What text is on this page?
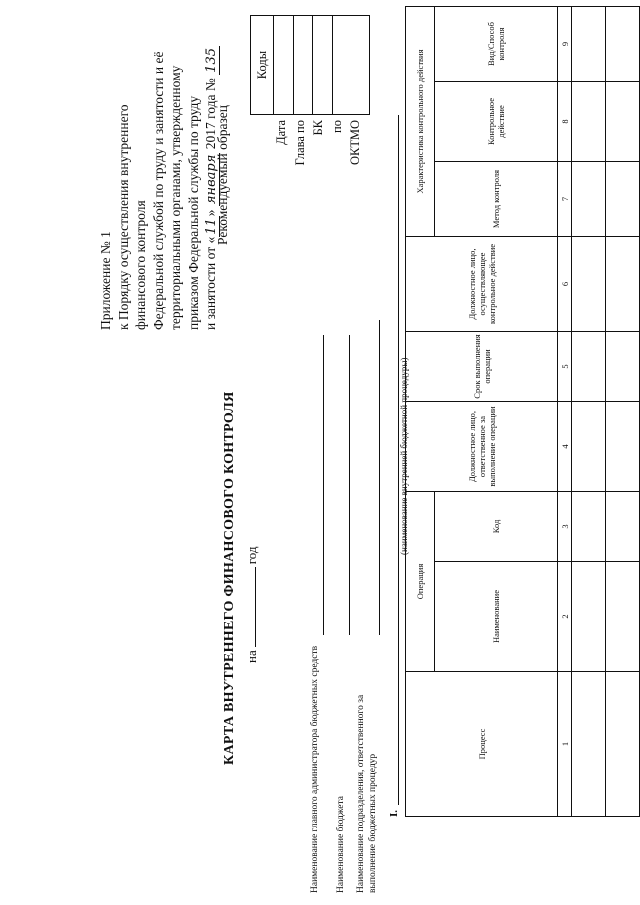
Приложение № 1 к Порядку осуществления внутреннего финансового контроля Федеральной службой по труду и занятости и её территориальными органами, утвержденному приказом Федеральной службы по труду и занятости от «11» января 2017 года № 135
Рекомендуемый образец
КАРТА ВНУТРЕННЕГО ФИНАНСОВОГО КОНТРОЛЯ нагод
Коды
Дата Глава по БК по ОКТМО
Наименование главного администратора бюджетных средств Наименование бюджета Наименование подразделения, ответственного за выполнение бюджетных процедур I.
(наименование внутренней бюджетной процедуры)
Процесс	Операция		Должностное лицо, ответственное за выполнение операции	Срок выполнения операции	Должностное лицо, осуществляющее контрольное действие	Характеристика контрольного действия		
	Наименование	Код				Метод контроля	Контрольное действие	Вид/Способ контроля
1	2	3	4	5	6	7	8	9
